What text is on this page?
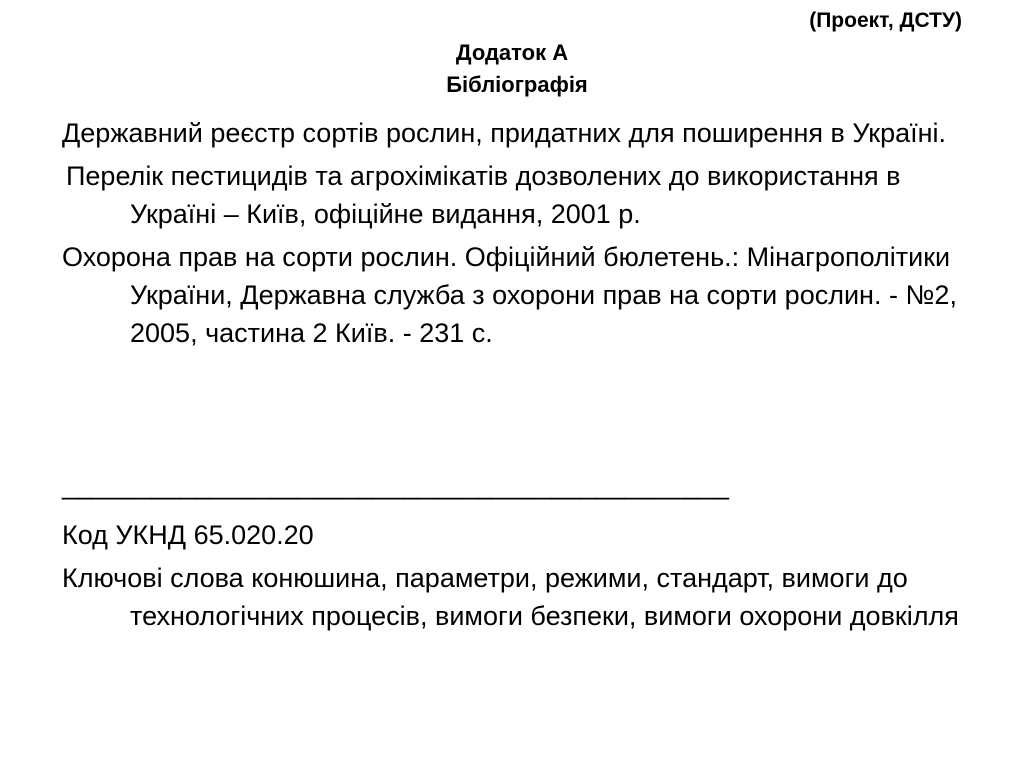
(Проект, ДСТУ)
Додаток А
Бібліографія
Державний реєстр сортів рослин, придатних для поширення в Україні.
Перелік пестицидів та агрохімікатів дозволених до використання в Україні – Київ, офіційне видання, 2001 р.
Охорона прав на сорти рослин. Офіційний бюлетень.: Мінагрополітики України, Державна служба з охорони прав на сорти рослин. - №2, 2005, частина 2 Київ. - 231 с.
_____________________________________________
Код УКНД 65.020.20
Ключові слова конюшина, параметри, режими, стандарт, вимоги до технологічних процесів, вимоги безпеки, вимоги охорони довкілля
